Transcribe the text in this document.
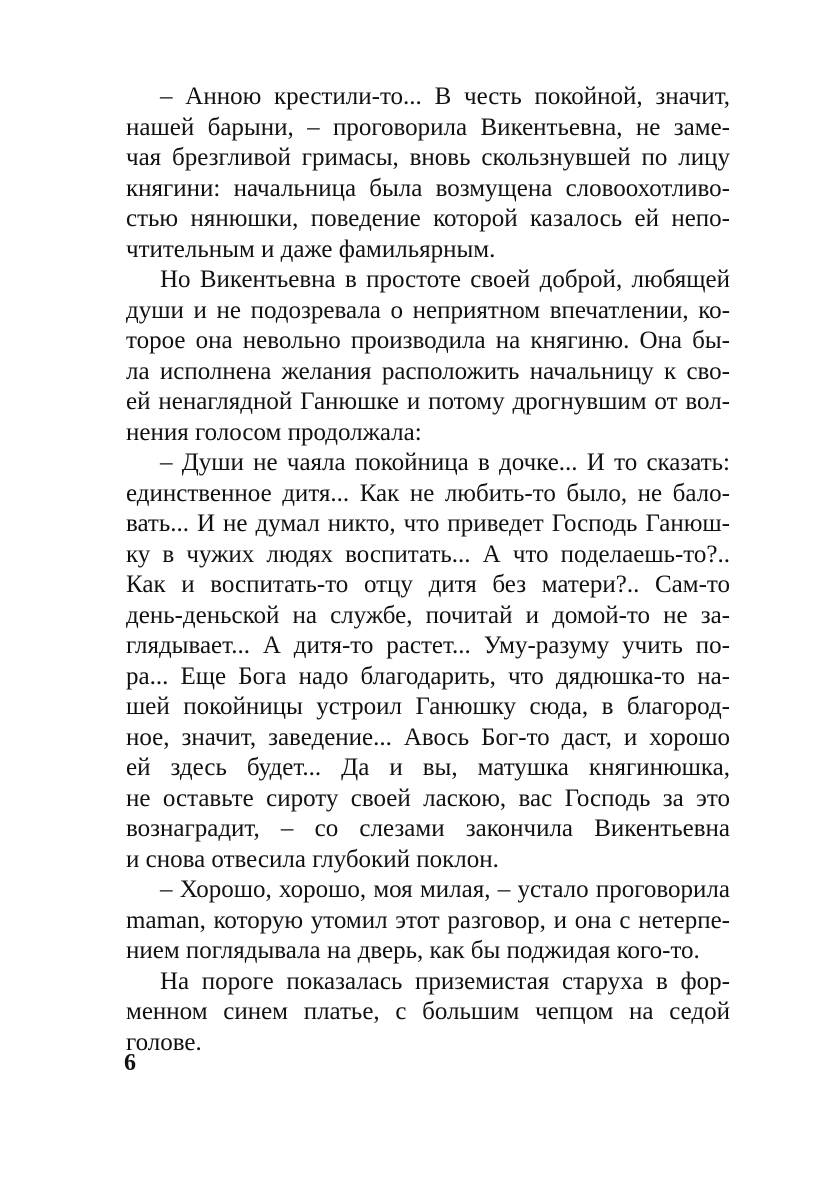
– Анною крестили-то... В честь покойной, значит,
нашей барыни, – проговорила Викентьевна, не заме-
чая брезгливой гримасы, вновь скользнувшей по лицу
княгини: начальница была возмущена словоохотливо-
стью нянюшки, поведение которой казалось ей непо-
чтительным и даже фамильярным.
Но Викентьевна в простоте своей доброй, любящей
души и не подозревала о неприятном впечатлении, ко-
торое она невольно производила на княгиню. Она бы-
ла исполнена желания расположить начальницу к сво-
ей ненаглядной Ганюшке и потому дрогнувшим от вол-
нения голосом продолжала:
– Души не чаяла покойница в дочке... И то сказать:
единственное дитя... Как не любить-то было, не бало-
вать... И не думал никто, что приведет Господь Ганюш-
ку в чужих людях воспитать... А что поделаешь-то?..
Как и воспитать-то отцу дитя без матери?.. Сам-то
день-деньской на службе, почитай и домой-то не за-
глядывает... А дитя-то растет... Уму-разуму учить по-
ра... Еще Бога надо благодарить, что дядюшка-то на-
шей покойницы устроил Ганюшку сюда, в благород-
ное, значит, заведение... Авось Бог-то даст, и хорошо
ей здесь будет... Да и вы, матушка княгинюшка,
не оставьте сироту своей ласкою, вас Господь за это
вознаградит, – со слезами закончила Викентьевна
и снова отвесила глубокий поклон.
– Хорошо, хорошо, моя милая, – устало проговорила
maman, которую утомил этот разговор, и она с нетерпе-
нием поглядывала на дверь, как бы поджидая кого-то.
На пороге показалась приземистая старуха в фор-
менном синем платье, с большим чепцом на седой
голове.
6
